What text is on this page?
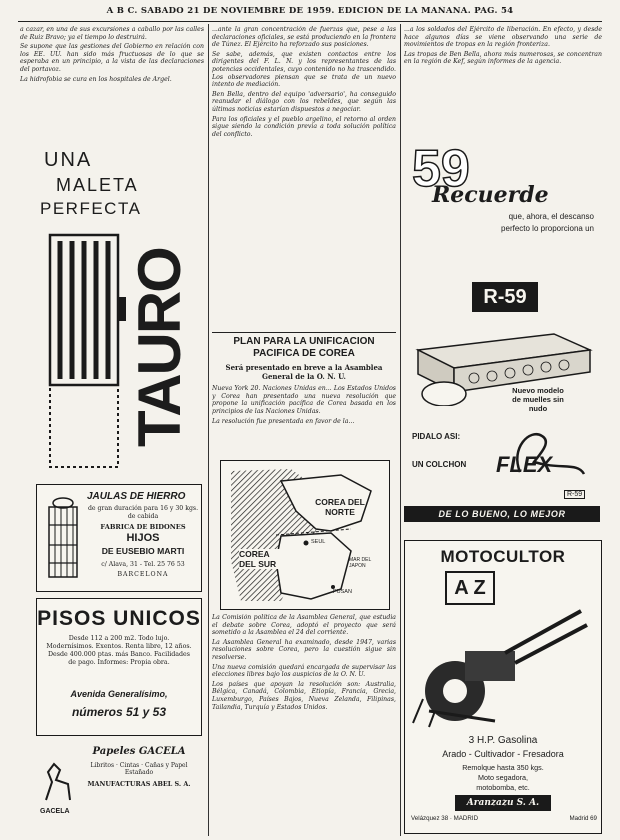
A B C. SABADO 21 DE NOVIEMBRE DE 1959. EDICION DE LA MAÑANA. PAG. 54

a cazar, en una de sus excursiones a caballo por las calles de Ruiz Bravo; ya el tiempo lo destruirá.

Se supone que las gestiones del Gobierno en relación con los EE. UU. han sido más fructuosas de lo que se esperaba en un principio, a la vista de las declaraciones del portavoz.

La hidrofobia se cura en los hospitales de Argel.

UNA
MALETA
PERFECTA
TAURO
JAULAS DE HIERRO
de gran duración para 16 y 30 kgs. de cabida
FABRICA DE BIDONES
HIJOS
DE EUSEBIO MARTI
c/ Alava, 31 - Tel. 25 76 53
BARCELONA
PISOS UNICOS
Desde 112 a 200 m2. Todo lujo. Modernísimos. Exentos. Renta libre, 12 años. Desde 400.000 ptas. más Banco. Facilidades de pago. Informes: Propia obra.
Avenida Generalísimo,
números 51 y 53
GACELA
Papeles GACELA
Libritos · Cintas · Cañas y Papel Estañado
MANUFACTURAS ABEL S. A.

...ante la gran concentración de fuerzas que, pese a las declaraciones oficiales, se está produciendo en la frontera de Túnez. El Ejército ha reforzado sus posiciones.

Se sabe, además, que existen contactos entre los dirigentes del F. L. N. y los representantes de las potencias occidentales, cuyo contenido no ha trascendido. Los observadores piensan que se trata de un nuevo intento de mediación.

Ben Bella, dentro del equipo 'adversario', ha conseguido reanudar el diálogo con los rebeldes, que según las últimas noticias estarían dispuestos a negociar.

Para los oficiales y el pueblo argelino, el retorno al orden sigue siendo la condición previa a toda solución política del conflicto.

PLAN PARA LA UNIFICACION
PACIFICA DE COREA
Será presentado en breve a la Asamblea General de la O. N. U.

Nueva York 20. Naciones Unidas en... Los Estados Unidos y Corea han presentado una nueva resolución que propone la unificación pacífica de Corea basada en los principios de las Naciones Unidas.

La resolución fue presentada en favor de la...

COREA DEL NORTE
COREA DEL SUR
SEUL
PUSAN
MAR DEL JAPON

La Comisión política de la Asamblea General, que estudia el debate sobre Corea, adoptó el proyecto que será sometido a la Asamblea el 24 del corriente.

La Asamblea General ha examinado, desde 1947, varias resoluciones sobre Corea, pero la cuestión sigue sin resolverse.

Una nueva comisión quedará encargada de supervisar las elecciones libres bajo los auspicios de la O. N. U.

Los países que apoyan la resolución son: Australia, Bélgica, Canadá, Colombia, Etiopía, Francia, Grecia, Luxemburgo, Países Bajos, Nueva Zelanda, Filipinas, Tailandia, Turquía y Estados Unidos.

...a los soldados del Ejército de liberación. En efecto, y desde hace algunos días se viene observando una serie de movimientos de tropas en la región fronteriza.

Las tropas de Ben Bella, ahora más numerosas, se concentran en la región de Kef, según informes de la agencia.

59
Recuerde
que, ahora, el descanso
perfecto lo proporciona un
R-59
Nuevo modelo
de muelles sin
nudo
PIDALO ASI:
UN COLCHON FLEX
R-59
DE LO BUENO, LO MEJOR
MOTOCULTOR
A Z
3 H.P. Gasolina
Arado - Cultivador - Fresadora
Remolque hasta 350 kgs.
Moto segadora,
motobomba, etc.
Aranzazu S. A.
Velázquez 38 · MADRID	Madrid 69
